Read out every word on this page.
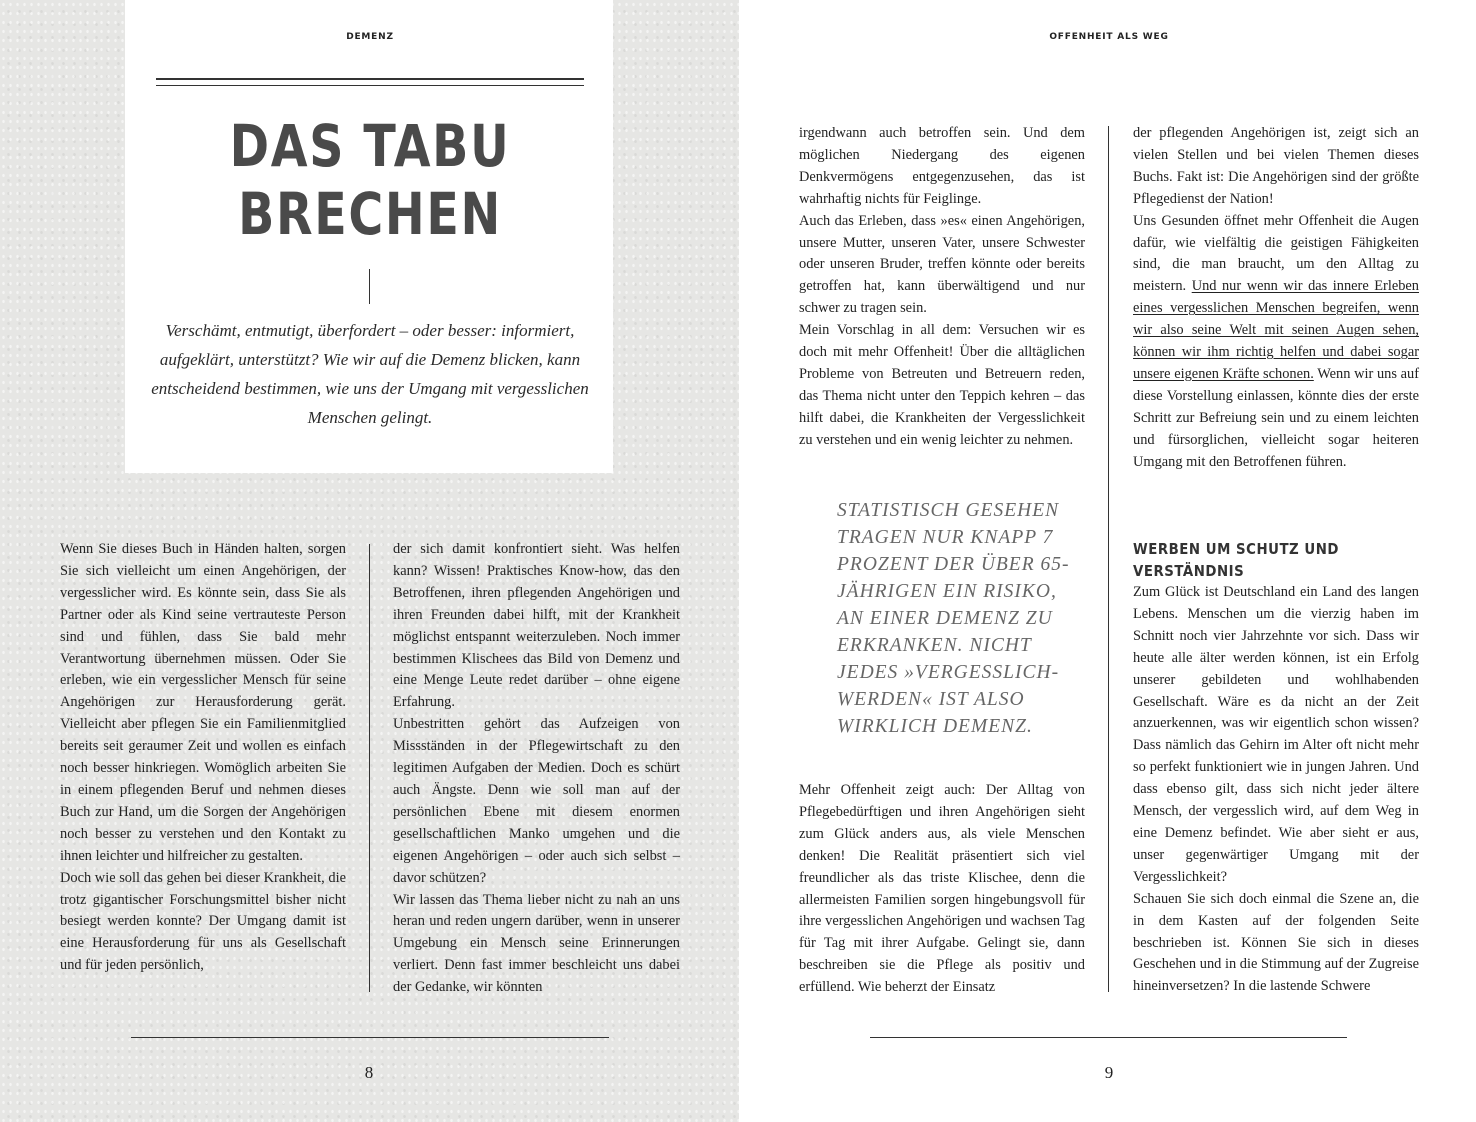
DEMENZ
DAS TABU
BRECHEN
Verschämt, entmutigt, überfordert – oder besser: informiert, aufgeklärt, unterstützt? Wie wir auf die Demenz blicken, kann entscheidend bestimmen, wie uns der Umgang mit vergesslichen Menschen gelingt.

Wenn Sie dieses Buch in Händen halten, sorgen Sie sich vielleicht um einen Angehörigen, der vergesslicher wird. Es könnte sein, dass Sie als Partner oder als Kind seine vertrauteste Person sind und fühlen, dass Sie bald mehr Verantwortung übernehmen müssen. Oder Sie erleben, wie ein vergesslicher Mensch für seine Angehörigen zur Herausforderung gerät. Vielleicht aber pflegen Sie ein Familienmitglied bereits seit geraumer Zeit und wollen es einfach noch besser hinkriegen. Womöglich arbeiten Sie in einem pflegenden Beruf und nehmen dieses Buch zur Hand, um die Sorgen der Angehörigen noch besser zu verstehen und den Kontakt zu ihnen leichter und hilfreicher zu gestalten.

Doch wie soll das gehen bei dieser Krankheit, die trotz gigantischer Forschungsmittel bisher nicht besiegt werden konnte? Der Umgang damit ist eine Herausforderung für uns als Gesellschaft und für jeden persönlich,

der sich damit konfrontiert sieht. Was helfen kann? Wissen! Praktisches Know-how, das den Betroffenen, ihren pflegenden Angehörigen und ihren Freunden dabei hilft, mit der Krankheit möglichst entspannt weiterzuleben. Noch immer bestimmen Klischees das Bild von Demenz und eine Menge Leute redet darüber – ohne eigene Erfahrung.

Unbestritten gehört das Aufzeigen von Missständen in der Pflegewirtschaft zu den legitimen Aufgaben der Medien. Doch es schürt auch Ängste. Denn wie soll man auf der persönlichen Ebene mit diesem enormen gesellschaftlichen Manko umgehen und die eigenen Angehörigen – oder auch sich selbst – davor schützen?

Wir lassen das Thema lieber nicht zu nah an uns heran und reden ungern darüber, wenn in unserer Umgebung ein Mensch seine Erinnerungen verliert. Denn fast immer beschleicht uns dabei der Gedanke, wir könnten

8
OFFENHEIT ALS WEG
9

irgendwann auch betroffen sein. Und dem möglichen Niedergang des eigenen Denkvermögens entgegenzusehen, das ist wahrhaftig nichts für Feiglinge.

Auch das Erleben, dass »es« einen Angehörigen, unsere Mutter, unseren Vater, unsere Schwester oder unseren Bruder, treffen könnte oder bereits getroffen hat, kann überwältigend und nur schwer zu tragen sein.

Mein Vorschlag in all dem: Versuchen wir es doch mit mehr Offenheit! Über die alltäglichen Probleme von Betreuten und Betreuern reden, das Thema nicht unter den Teppich kehren – das hilft dabei, die Krankheiten der Vergesslichkeit zu verstehen und ein wenig leichter zu nehmen.

STATISTISCH GESEHEN TRAGEN NUR KNAPP 7 PROZENT DER ÜBER 65-JÄHRIGEN EIN RISIKO, AN EINER DEMENZ ZU ERKRANKEN. NICHT JEDES »VERGESSLICH-WERDEN« IST ALSO WIRKLICH DEMENZ.

Mehr Offenheit zeigt auch: Der Alltag von Pflegebedürftigen und ihren Angehörigen sieht zum Glück anders aus, als viele Menschen denken! Die Realität präsentiert sich viel freundlicher als das triste Klischee, denn die allermeisten Familien sorgen hingebungsvoll für ihre vergesslichen Angehörigen und wachsen Tag für Tag mit ihrer Aufgabe. Gelingt sie, dann beschreiben sie die Pflege als positiv und erfüllend. Wie beherzt der Einsatz

der pflegenden Angehörigen ist, zeigt sich an vielen Stellen und bei vielen Themen dieses Buchs. Fakt ist: Die Angehörigen sind der größte Pflegedienst der Nation!

Uns Gesunden öffnet mehr Offenheit die Augen dafür, wie vielfältig die geistigen Fähigkeiten sind, die man braucht, um den Alltag zu meistern. Und nur wenn wir das innere Erleben eines vergesslichen Menschen begreifen, wenn wir also seine Welt mit seinen Augen sehen, können wir ihm richtig helfen und dabei sogar unsere eigenen Kräfte schonen. Wenn wir uns auf diese Vorstellung einlassen, könnte dies der erste Schritt zur Befreiung sein und zu einem leichten und fürsorglichen, vielleicht sogar heiteren Umgang mit den Betroffenen führen.

WERBEN UM SCHUTZ UND VERSTÄNDNIS

Zum Glück ist Deutschland ein Land des langen Lebens. Menschen um die vierzig haben im Schnitt noch vier Jahrzehnte vor sich. Dass wir heute alle älter werden können, ist ein Erfolg unserer gebildeten und wohlhabenden Gesellschaft. Wäre es da nicht an der Zeit anzuerkennen, was wir eigentlich schon wissen? Dass nämlich das Gehirn im Alter oft nicht mehr so perfekt funktioniert wie in jungen Jahren. Und dass ebenso gilt, dass sich nicht jeder ältere Mensch, der vergesslich wird, auf dem Weg in eine Demenz befindet. Wie aber sieht er aus, unser gegenwärtiger Umgang mit der Vergesslichkeit?

Schauen Sie sich doch einmal die Szene an, die in dem Kasten auf der folgenden Seite beschrieben ist. Können Sie sich in dieses Geschehen und in die Stimmung auf der Zugreise hineinversetzen? In die lastende Schwere
